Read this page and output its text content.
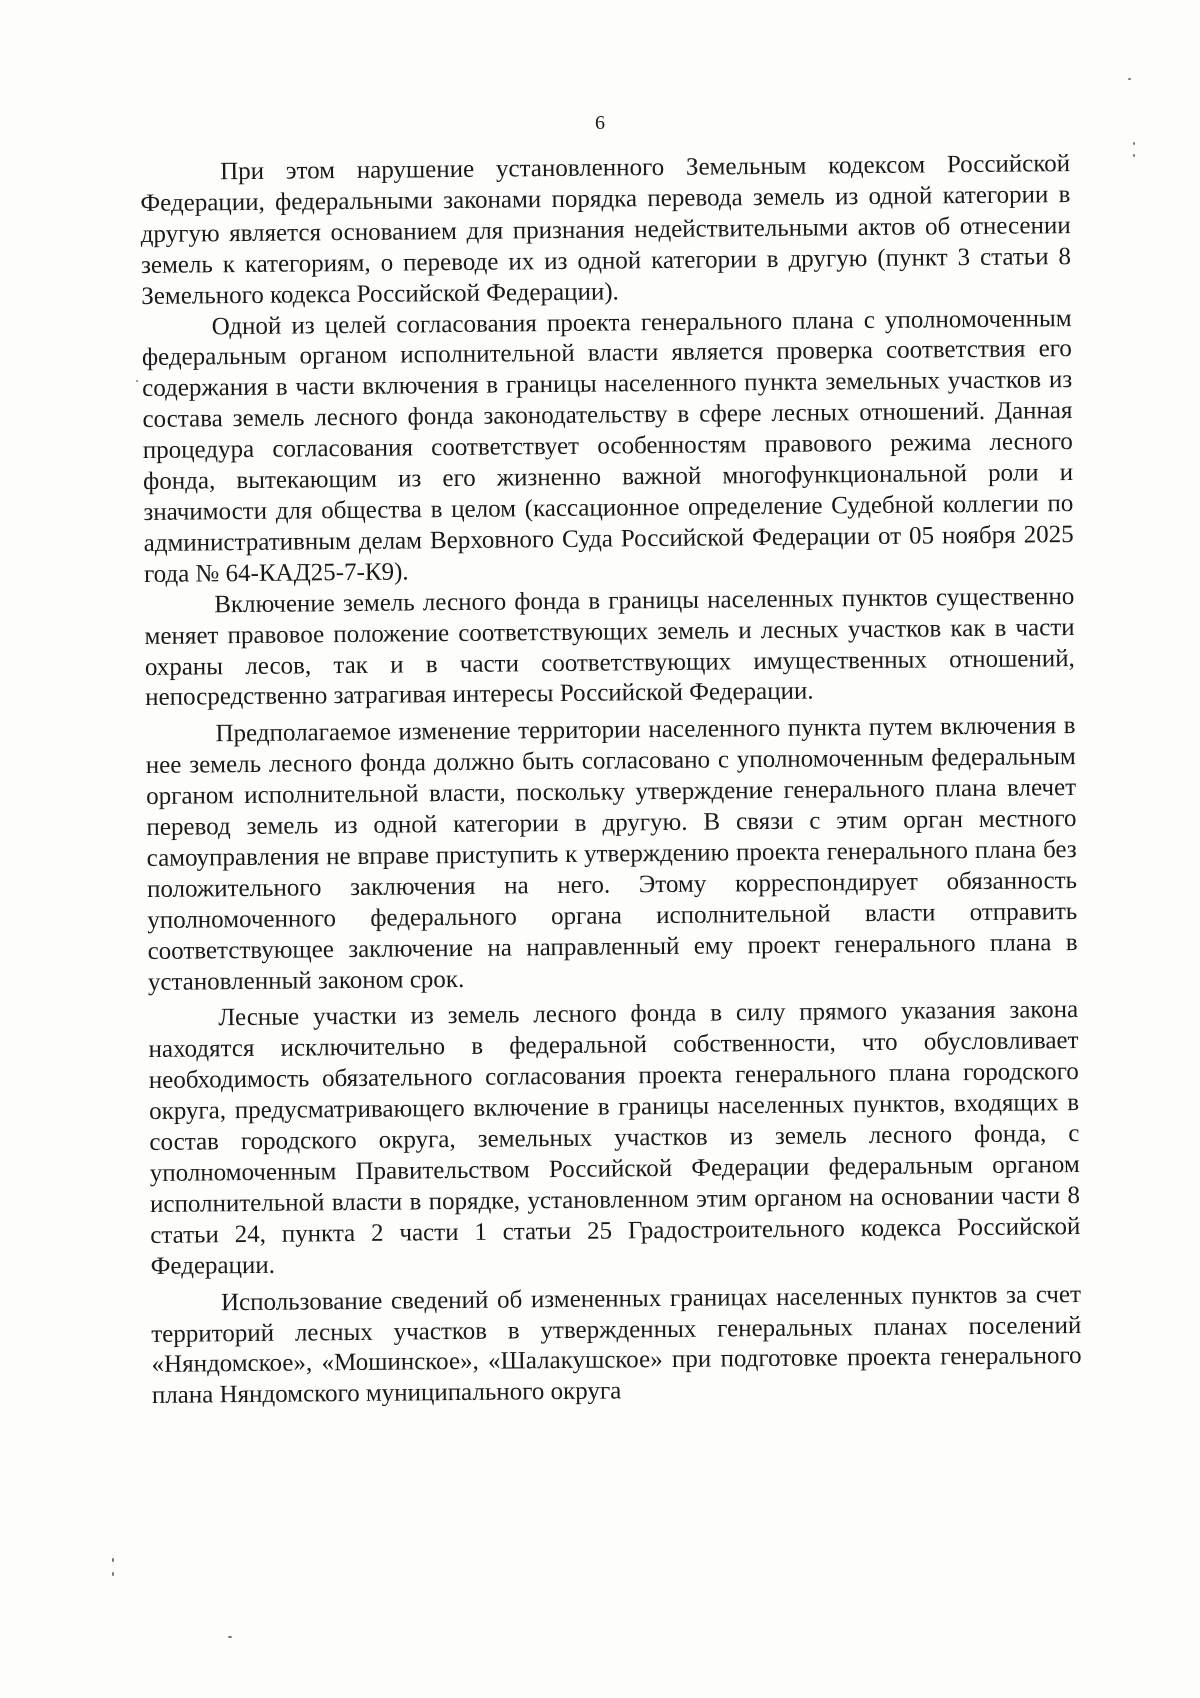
6

При этом нарушение установленного Земельным кодексом Российской Федерации, федеральными законами порядка перевода земель из одной категории в другую является основанием для признания недействительными актов об отнесении земель к категориям, о переводе их из одной категории в другую (пункт 3 статьи 8 Земельного кодекса Российской Федерации).

Одной из целей согласования проекта генерального плана с уполномоченным федеральным органом исполнительной власти является проверка соответствия его содержания в части включения в границы населенного пункта земельных участков из состава земель лесного фонда законодательству в сфере лесных отношений. Данная процедура согласования соответствует особенностям правового режима лесного фонда, вытекающим из его жизненно важной многофункциональной роли и значимости для общества в целом (кассационное определение Судебной коллегии по административным делам Верховного Суда Российской Федерации от 05 ноября 2025 года № 64-КАД25-7-К9).

Включение земель лесного фонда в границы населенных пунктов существенно меняет правовое положение соответствующих земель и лесных участков как в части охраны лесов, так и в части соответствующих имущественных отношений, непосредственно затрагивая интересы Российской Федерации.

Предполагаемое изменение территории населенного пункта путем включения в нее земель лесного фонда должно быть согласовано с уполномоченным федеральным органом исполнительной власти, поскольку утверждение генерального плана влечет перевод земель из одной категории в другую. В связи с этим орган местного самоуправления не вправе приступить к утверждению проекта генерального плана без положительного заключения на него. Этому корреспондирует обязанность уполномоченного федерального органа исполнительной власти отправить соответствующее заключение на направленный ему проект генерального плана в установленный законом срок.

Лесные участки из земель лесного фонда в силу прямого указания закона находятся исключительно в федеральной собственности, что обусловливает необходимость обязательного согласования проекта генерального плана городского округа, предусматривающего включение в границы населенных пунктов, входящих в состав городского округа, земельных участков из земель лесного фонда, с уполномоченным Правительством Российской Федерации федеральным органом исполнительной власти в порядке, установленном этим органом на основании части 8 статьи 24, пункта 2 части 1 статьи 25 Градостроительного кодекса Российской Федерации.

Использование сведений об измененных границах населенных пунктов за счет территорий лесных участков в утвержденных генеральных планах поселений «Няндомское», «Мошинское», «Шалакушское» при подготовке проекта генерального плана Няндомского муниципального округа
